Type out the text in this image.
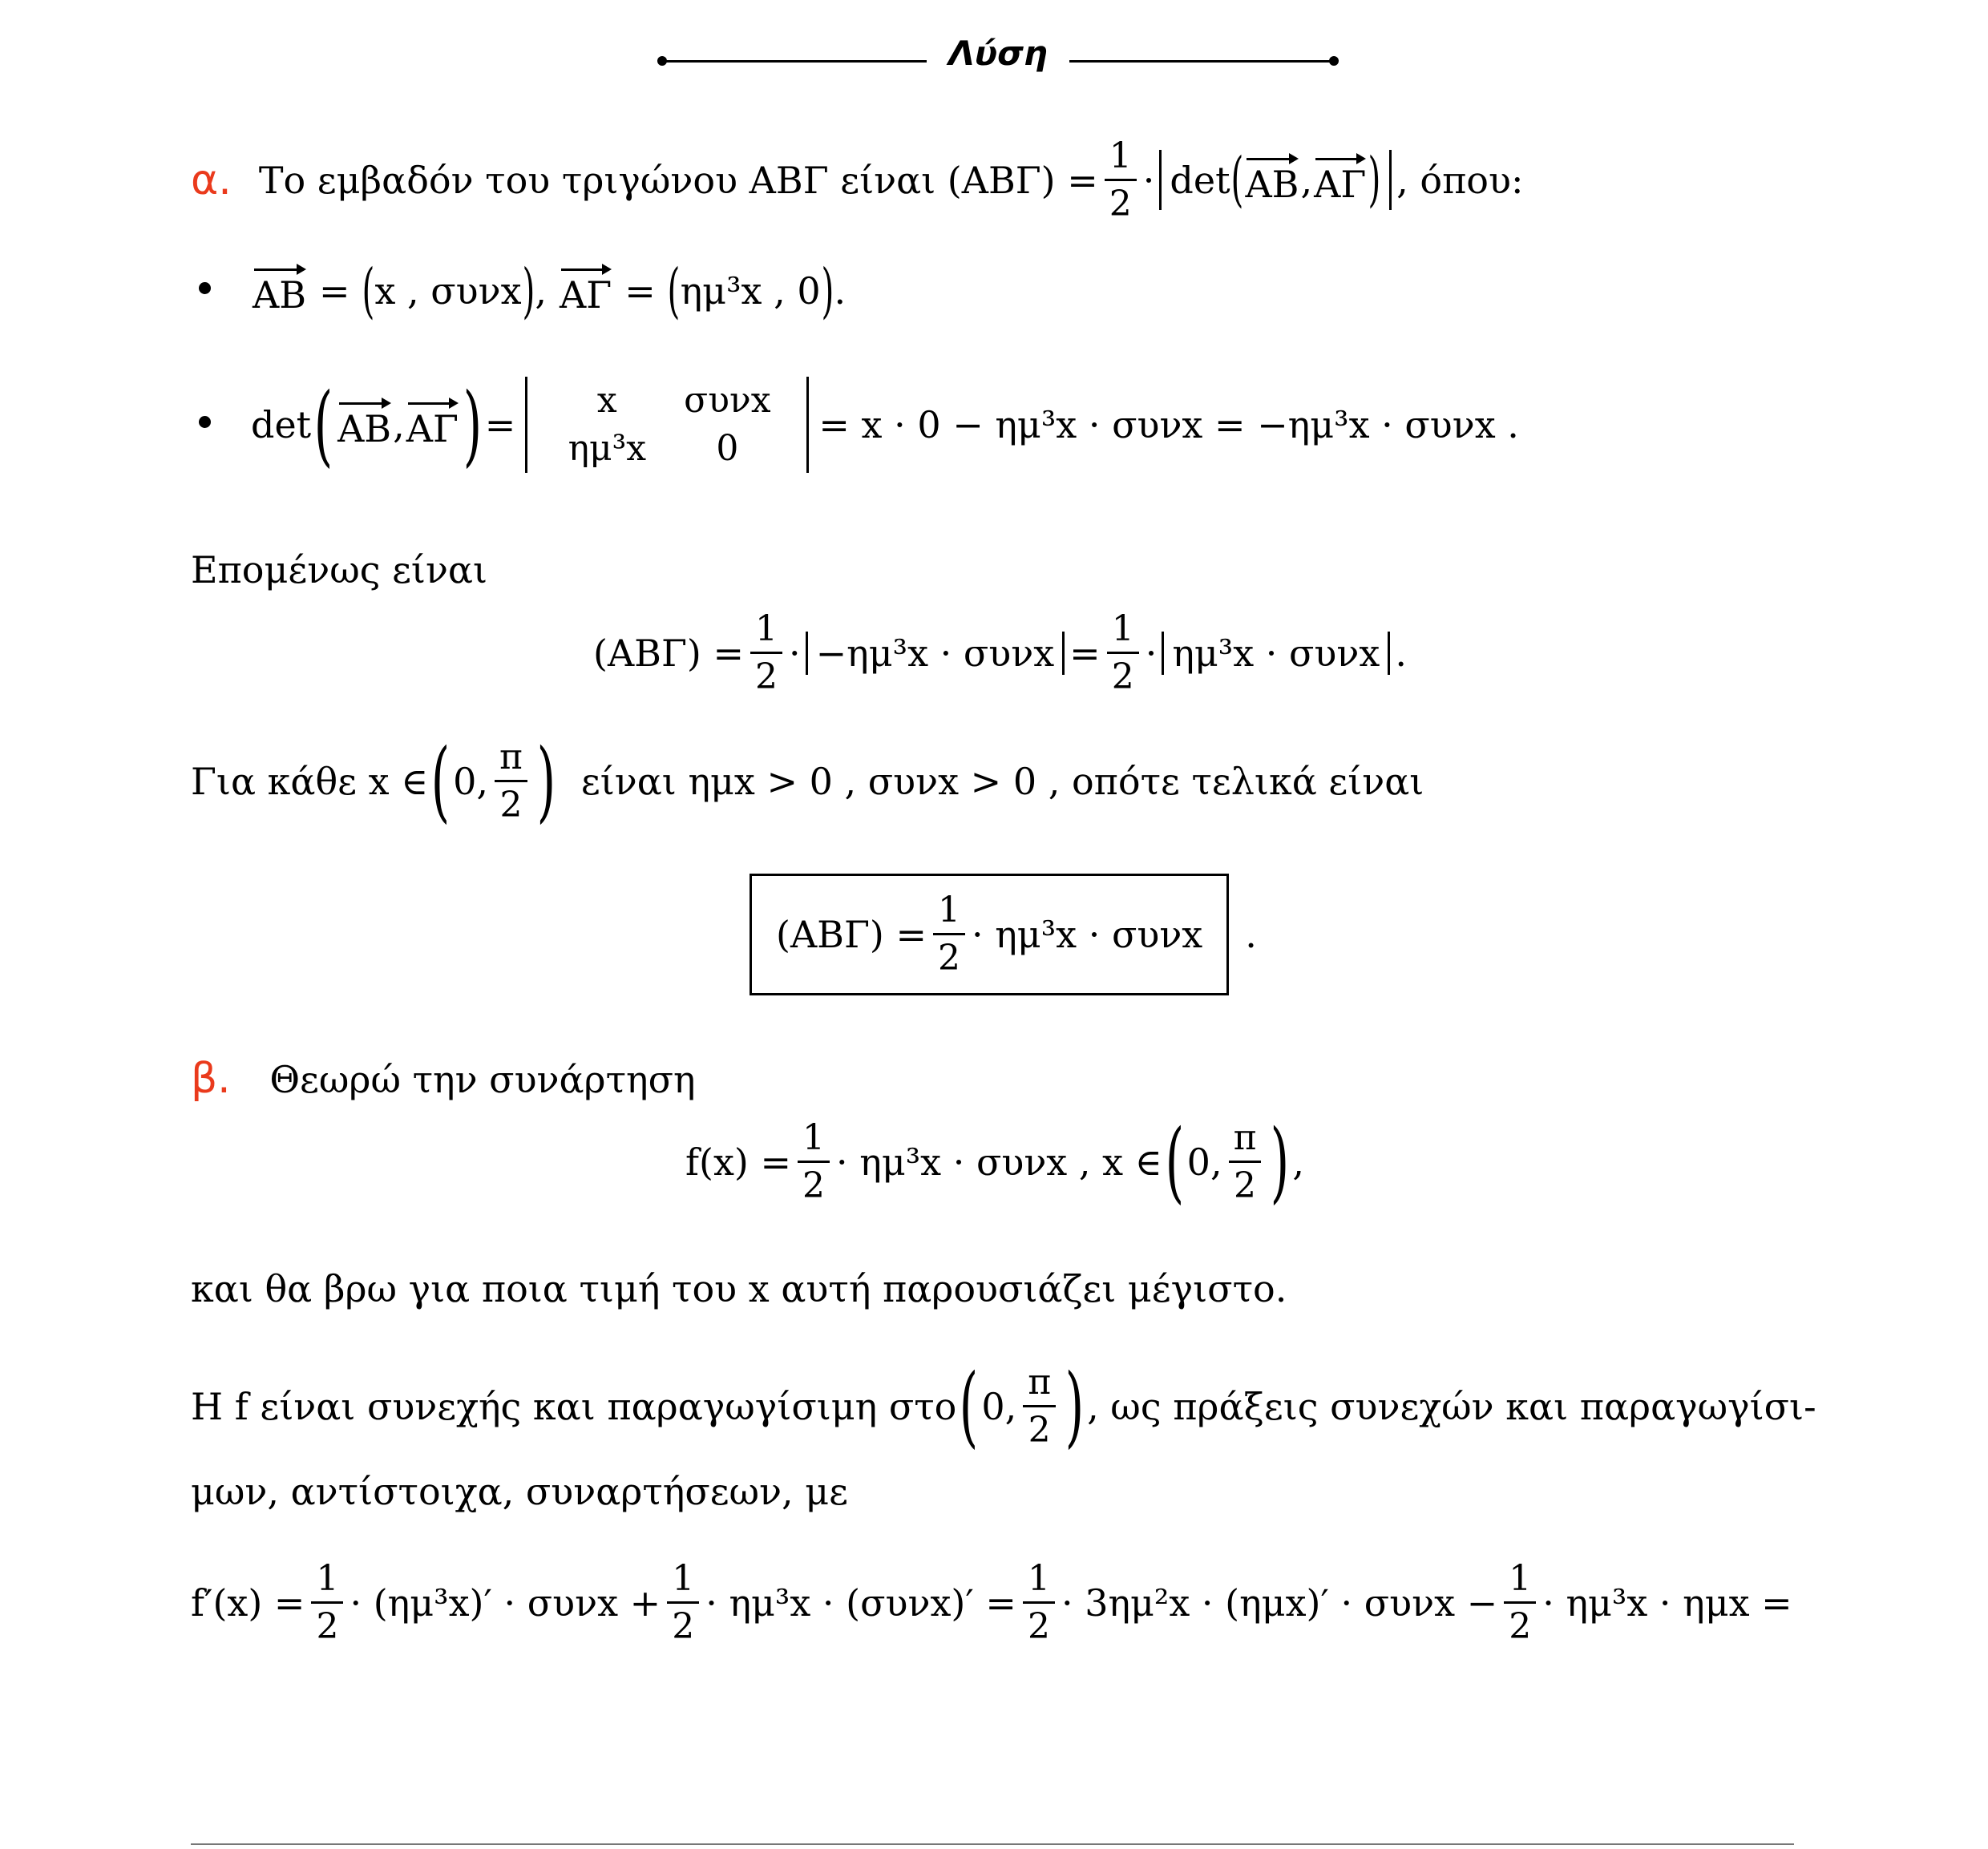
Λύση
α. Το εμβαδόν του τριγώνου ΑΒΓ είναι $(AB\Gamma) = \frac{1}{2} \cdot \det$ ( ΑΒ , ΑΓ ) , όπου:
ΑΒ = ( x , συνx ) , ΑΓ = ( ημ³x , 0 ) .
det ( ΑΒ , ΑΓ ) =
x	συνx
ημ³x	0
= x · 0 − ημ³x · συνx = −ημ³x · συνx .
Επομένως είναι
$(AB\Gamma) = \frac{1}{2} \cdot -\eta\mu^3x \cdot \sigma\upsilon\nu x = \frac{1}{2} \cdot \eta\mu^3x \cdot \sigma\upsilon\nu x$ .
Για κάθε x ∈ ( 0 , $\frac{\pi}{2}$ ) είναι ημx > 0 , συνx > 0 , οπότε τελικά είναι
$(AB\Gamma) = \frac{1}{2} \cdot \eta\mu^3x \cdot \sigma\upsilon\nu x$ .
β. Θεωρώ την συνάρτηση
$f(x) = \frac{1}{2} \cdot \eta\mu^3x \cdot \sigma\upsilon\nu x$ , x ∈ ( 0 , $\frac{\pi}{2}$ ) ,
και θα βρω για ποια τιμή του x αυτή παρουσιάζει μέγιστο.
Η f είναι συνεχής και παραγωγίσιμη στο ( 0 , $\frac{\pi}{2}$ ) , ως πράξεις συνεχών και παραγωγίσι-
μων, αντίστοιχα, συναρτήσεων, με
$f'(x) = \frac{1}{2} \cdot (\eta\mu^3x)' \cdot \sigma\upsilon\nu x + \frac{1}{2} \cdot \eta\mu^3x \cdot (\sigma\upsilon\nu x)' = \frac{1}{2} \cdot 3\eta\mu^2x \cdot (\eta\mu x)' \cdot \sigma\upsilon\nu x - \frac{1}{2} \cdot \eta\mu^3x \cdot \eta\mu x$ =
